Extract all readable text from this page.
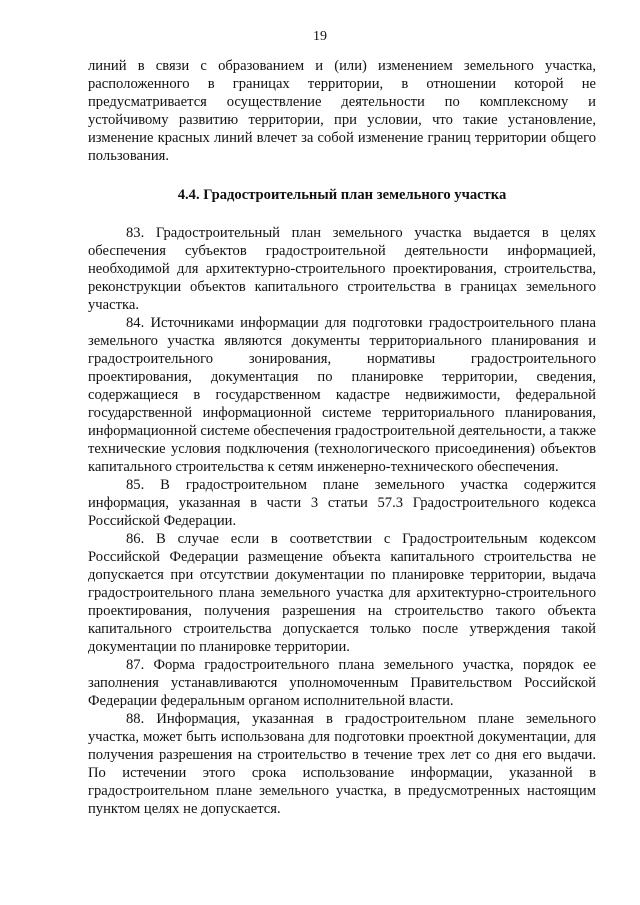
19

линий в связи с образованием и (или) изменением земельного участка, расположенного в границах территории, в отношении которой не предусматривается осуществление деятельности по комплексному и устойчивому развитию территории, при условии, что такие установление, изменение красных линий влечет за собой изменение границ территории общего пользования.

4.4. Градостроительный план земельного участка

83. Градостроительный план земельного участка выдается в целях обеспечения субъектов градостроительной деятельности информацией, необходимой для архитектурно-строительного проектирования, строительства, реконструкции объектов капитального строительства в границах земельного участка.

84. Источниками информации для подготовки градостроительного плана земельного участка являются документы территориального планирования и градостроительного зонирования, нормативы градостроительного проектирования, документация по планировке территории, сведения, содержащиеся в государственном кадастре недвижимости, федеральной государственной информационной системе территориального планирования, информационной системе обеспечения градостроительной деятельности, а также технические условия подключения (технологического присоединения) объектов капитального строительства к сетям инженерно-технического обеспечения.

85. В градостроительном плане земельного участка содержится информация, указанная в части 3 статьи 57.3 Градостроительного кодекса Российской Федерации.

86. В случае если в соответствии с Градостроительным кодексом Российской Федерации размещение объекта капитального строительства не допускается при отсутствии документации по планировке территории, выдача градостроительного плана земельного участка для архитектурно-строительного проектирования, получения разрешения на строительство такого объекта капитального строительства допускается только после утверждения такой документации по планировке территории.

87. Форма градостроительного плана земельного участка, порядок ее заполнения устанавливаются уполномоченным Правительством Российской Федерации федеральным органом исполнительной власти.

88. Информация, указанная в градостроительном плане земельного участка, может быть использована для подготовки проектной документации, для получения разрешения на строительство в течение трех лет со дня его выдачи. По истечении этого срока использование информации, указанной в градостроительном плане земельного участка, в предусмотренных настоящим пунктом целях не допускается.
